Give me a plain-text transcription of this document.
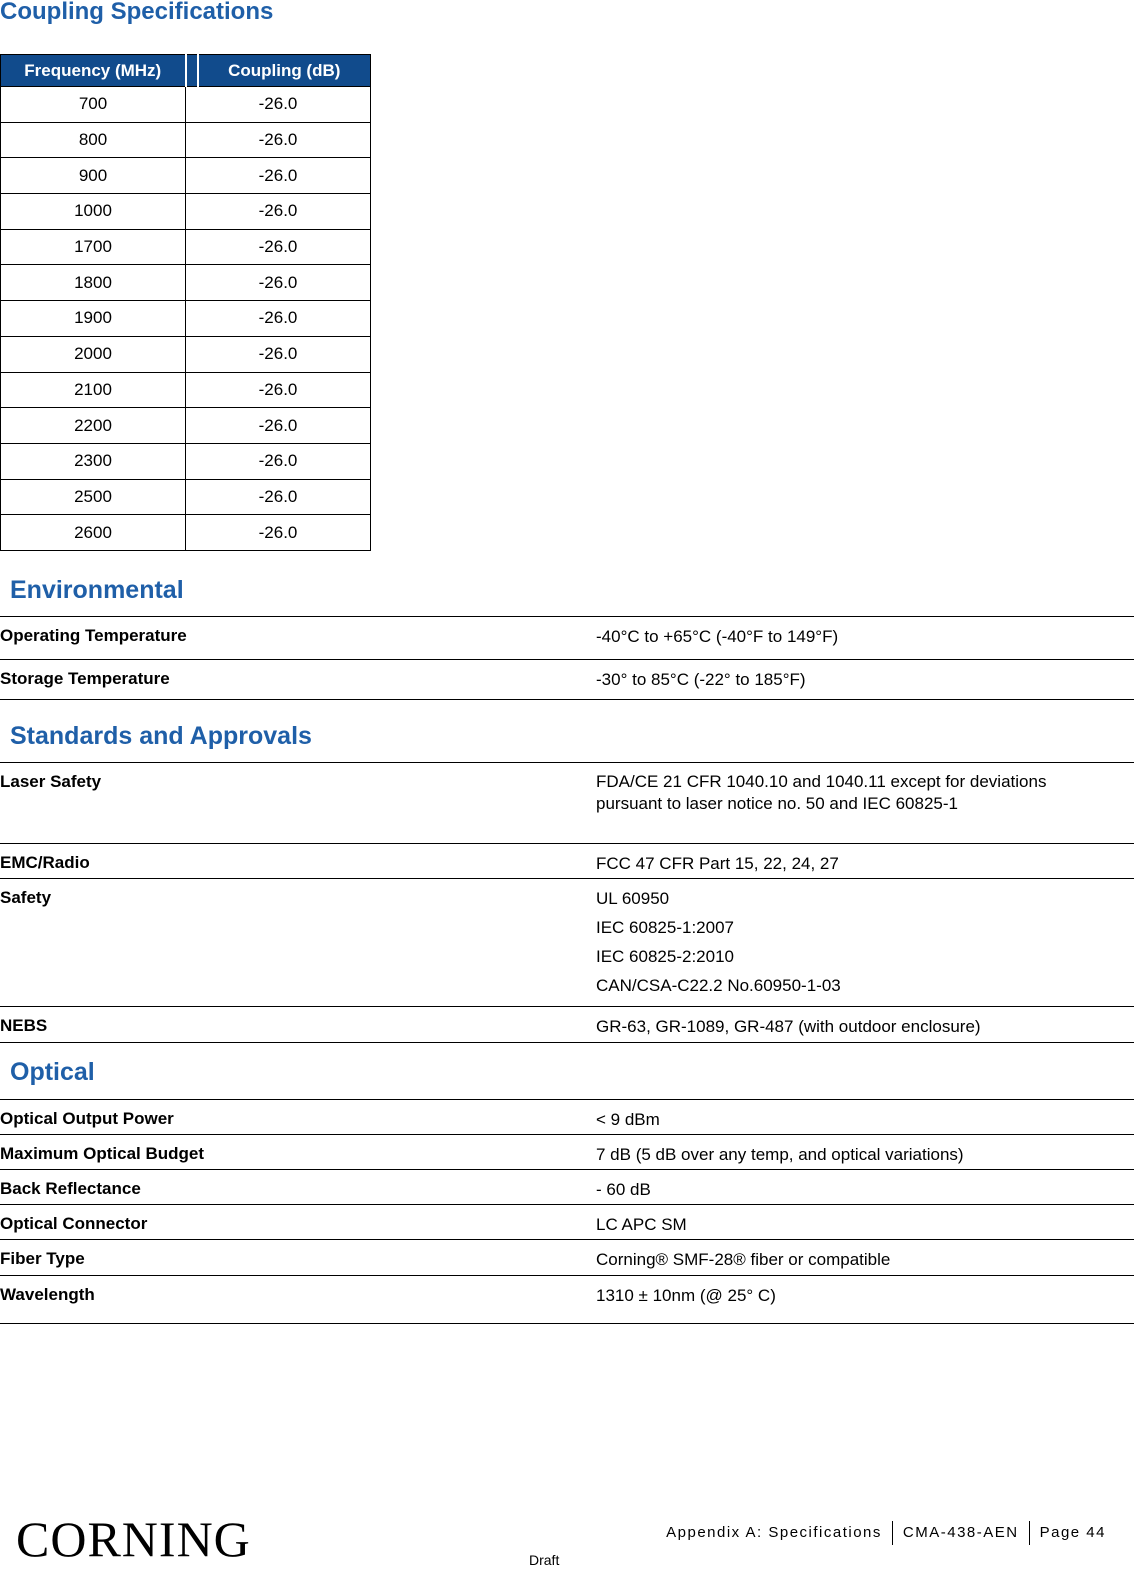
Coupling Specifications
Frequency (MHz)		Coupling (dB)
700	-26.0	
800	-26.0	
900	-26.0	
1000	-26.0	
1700	-26.0	
1800	-26.0	
1900	-26.0	
2000	-26.0	
2100	-26.0	
2200	-26.0	
2300	-26.0	
2500	-26.0	
2600	-26.0	
Environmental
Operating Temperature	-40°C to +65°C (-40°F to 149°F)
Storage Temperature	-30° to 85°C (-22° to 185°F)
Standards and Approvals
Laser Safety	FDA/CE 21 CFR 1040.10 and 1040.11 except for deviations pursuant to laser notice no. 50 and IEC 60825-1
EMC/Radio	FCC 47 CFR Part 15, 22, 24, 27
Safety	UL 60950
IEC 60825-1:2007
IEC 60825-2:2010
CAN/CSA-C22.2 No.60950-1-03

NEBS	GR-63, GR-1089, GR-487 (with outdoor enclosure)
Optical
Optical Output Power	< 9 dBm
Maximum Optical Budget	7 dB (5 dB over any temp, and optical variations)
Back Reflectance	- 60 dB
Optical Connector	LC APC SM
Fiber Type	Corning® SMF-28® fiber or compatible
Wavelength	1310 ± 10nm (@ 25° C)
CORNING	Appendix A: Specifications CMA-438-AEN Page 44
Draft
